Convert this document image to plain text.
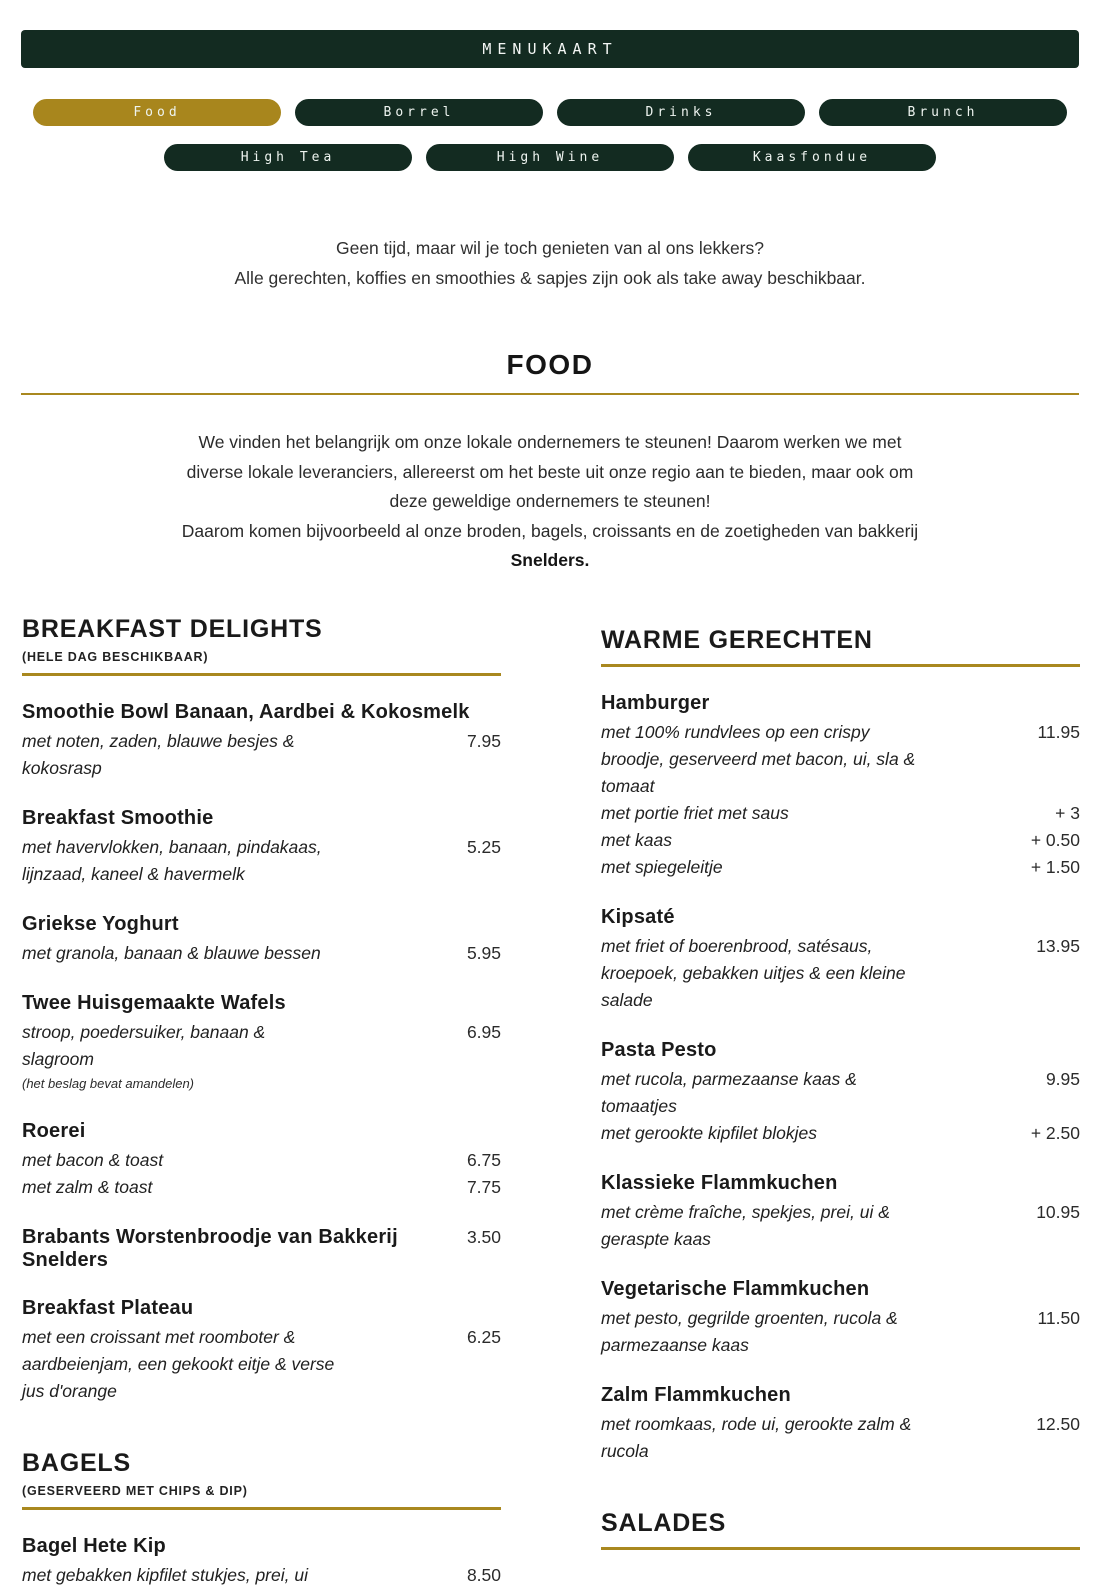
MENUKAART
Food	Borrel	Drinks	Brunch
High Tea	High Wine	Kaasfondue
Geen tijd, maar wil je toch genieten van al ons lekkers?
Alle gerechten, koffies en smoothies & sapjes zijn ook als take away beschikbaar.
FOOD
We vinden het belangrijk om onze lokale ondernemers te steunen! Daarom werken we met
diverse lokale leveranciers, allereerst om het beste uit onze regio aan te bieden, maar ook om
deze geweldige ondernemers te steunen!
Daarom komen bijvoorbeeld al onze broden, bagels, croissants en de zoetigheden van bakkerij
Snelders.
BREAKFAST DELIGHTS
(HELE DAG BESCHIKBAAR)
Smoothie Bowl Banaan, Aardbei & Kokosmelk
met noten, zaden, blauwe besjes &	7.95
kokosrasp
Breakfast Smoothie
met havervlokken, banaan, pindakaas,	5.25
lijnzaad, kaneel & havermelk
Griekse Yoghurt
met granola, banaan & blauwe bessen	5.95
Twee Huisgemaakte Wafels
stroop, poedersuiker, banaan &	6.95
slagroom
(het beslag bevat amandelen)
Roerei
met bacon & toast	6.75
met zalm & toast	7.75
Brabants Worstenbroodje van Bakkerij Snelders
3.50
Breakfast Plateau
met een croissant met roomboter &	6.25
aardbeienjam, een gekookt eitje & verse
jus d'orange
BAGELS
(GESERVEERD MET CHIPS & DIP)
Bagel Hete Kip
met gebakken kipfilet stukjes, prei, ui	8.50
WARME GERECHTEN
Hamburger
met 100% rundvlees op een crispy	11.95
broodje, geserveerd met bacon, ui, sla &
tomaat
met portie friet met saus	+ 3
met kaas	+ 0.50
met spiegeleitje	+ 1.50
Kipsaté
met friet of boerenbrood, satésaus,	13.95
kroepoek, gebakken uitjes & een kleine
salade
Pasta Pesto
met rucola, parmezaanse kaas &	9.95
tomaatjes
met gerookte kipfilet blokjes	+ 2.50
Klassieke Flammkuchen
met crème fraîche, spekjes, prei, ui &	10.95
geraspte kaas
Vegetarische Flammkuchen
met pesto, gegrilde groenten, rucola &	11.50
parmezaanse kaas
Zalm Flammkuchen
met roomkaas, rode ui, gerookte zalm &	12.50
rucola
SALADES
